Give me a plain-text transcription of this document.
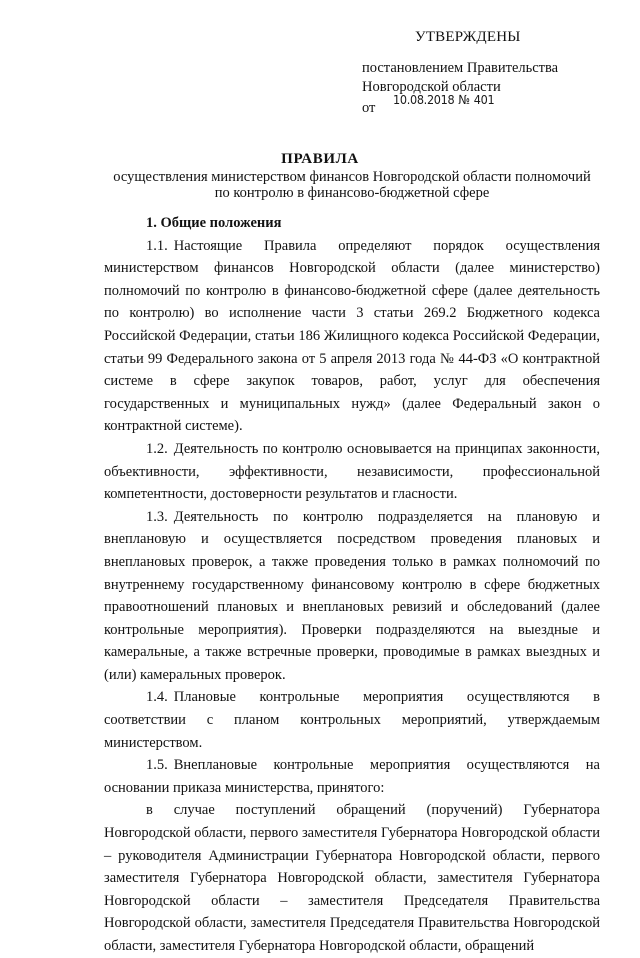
УТВЕРЖДЕНЫ
постановлением Правительства
Новгородской области
от
10.08.2018 № 401
ПРАВИЛА
осуществления министерством финансов Новгородской области полномочий
по контролю в финансово-бюджетной сфере

1. Общие положения

1.1. Настоящие Правила определяют порядок осуществления министерством финансов Новгородской области (далее министерство) полномочий по контролю в финансово-бюджетной сфере (далее деятельность по контролю) во исполнение части 3 статьи 269.2 Бюджетного кодекса Российской Федерации, статьи 186 Жилищного кодекса Российской Федерации, статьи 99 Федерального закона от 5 апреля 2013 года № 44-ФЗ «О контрактной системе в сфере закупок товаров, работ, услуг для обеспечения государственных и муниципальных нужд» (далее Федеральный закон о контрактной системе).

1.2. Деятельность по контролю основывается на принципах законности, объективности, эффективности, независимости, профессиональной компетентности, достоверности результатов и гласности.

1.3. Деятельность по контролю подразделяется на плановую и внеплановую и осуществляется посредством проведения плановых и внеплановых проверок, а также проведения только в рамках полномочий по внутреннему государственному финансовому контролю в сфере бюджетных правоотношений плановых и внеплановых ревизий и обследований (далее контрольные мероприятия). Проверки подразделяются на выездные и камеральные, а также встречные проверки, проводимые в рамках выездных и (или) камеральных проверок.

1.4. Плановые контрольные мероприятия осуществляются в соответствии с планом контрольных мероприятий, утверждаемым министерством.

1.5. Внеплановые контрольные мероприятия осуществляются на основании приказа министерства, принятого:

в случае поступлений обращений (поручений) Губернатора Новгородской области, первого заместителя Губернатора Новгородской области – руководителя Администрации Губернатора Новгородской области, первого заместителя Губернатора Новгородской области, заместителя Губернатора Новгородской области – заместителя Председателя Правительства Новгородской области, заместителя Председателя Правительства Новгородской области, заместителя Губернатора Новгородской области, обращений
